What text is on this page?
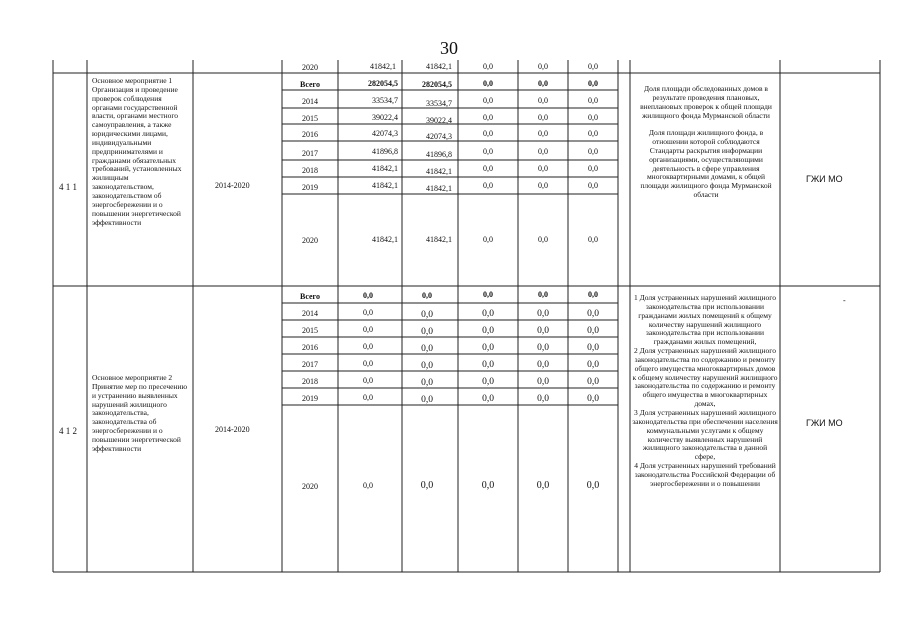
30
2020	41842,1	41842,1	0,0	0,0	0,0
4 1 1
Основное мероприятие 1 Организация и проведение проверок соблюдения органами государственной власти, органами местного самоуправления, а также юридическими лицами, индивидуальными предпринимателями и гражданами обязательных требований, установленных жилищным законодательством, законодательством об энергосбережении и о повышении энергетической эффективности
2014-2020
Всего	282054,5	282054,5	0,0	0,0	0,0
2014	33534,7	33534,7	0,0	0,0	0,0
2015	39022,4	39022,4	0,0	0,0	0,0
2016	42074,3	42074,3	0,0	0,0	0,0
2017	41896,8	41896,8	0,0	0,0	0,0
2018	41842,1	41842,1	0,0	0,0	0,0
2019	41842,1	41842,1	0,0	0,0	0,0
2020	41842,1	41842,1	0,0	0,0	0,0
Доля площади обследованных домов в результате проведения плановых, внеплановых проверок к общей площади жилищного фонда Мурманской области

Доля площади жилищного фонда, в отношении которой соблюдаются Стандарты раскрытия информации организациями, осуществляющими деятельность в сфере управления многоквартирными домами, к общей площади жилищного фонда Мурманской области
ГЖИ МО
4 1 2
Основное мероприятие 2 Принятие мер по пресечению и устранению выявленных нарушений жилищного законодательства, законодательства об энергосбережении и о повышении энергетической эффективности
2014-2020
Всего	0,0	0,0	0,0	0,0	0,0
2014	0,0	0,0	0,0	0,0	0,0
2015	0,0	0,0	0,0	0,0	0,0
2016	0,0	0,0	0,0	0,0	0,0
2017	0,0	0,0	0,0	0,0	0,0
2018	0,0	0,0	0,0	0,0	0,0
2019	0,0	0,0	0,0	0,0	0,0
2020	0,0	0,0	0,0	0,0	0,0
1 Доля устраненных нарушений жилищного законодательства при использовании гражданами жилых помещений к общему количеству нарушений жилищного законодательства при использовании гражданами жилых помещений,
2 Доля устраненных нарушений жилищного законодательства по содержанию и ремонту общего имущества многоквартирных домов к общему количеству нарушений жилищного законодательства по содержанию и ремонту общего имущества в многоквартирных домах,
3 Доля устраненных нарушений жилищного законодательства при обеспечении населения коммунальными услугами к общему количеству выявленных нарушений жилищного законодательства в данной сфере,
4 Доля устраненных нарушений требований законодательства Российской Федерации об энергосбережении и о повышении
-
ГЖИ МО
